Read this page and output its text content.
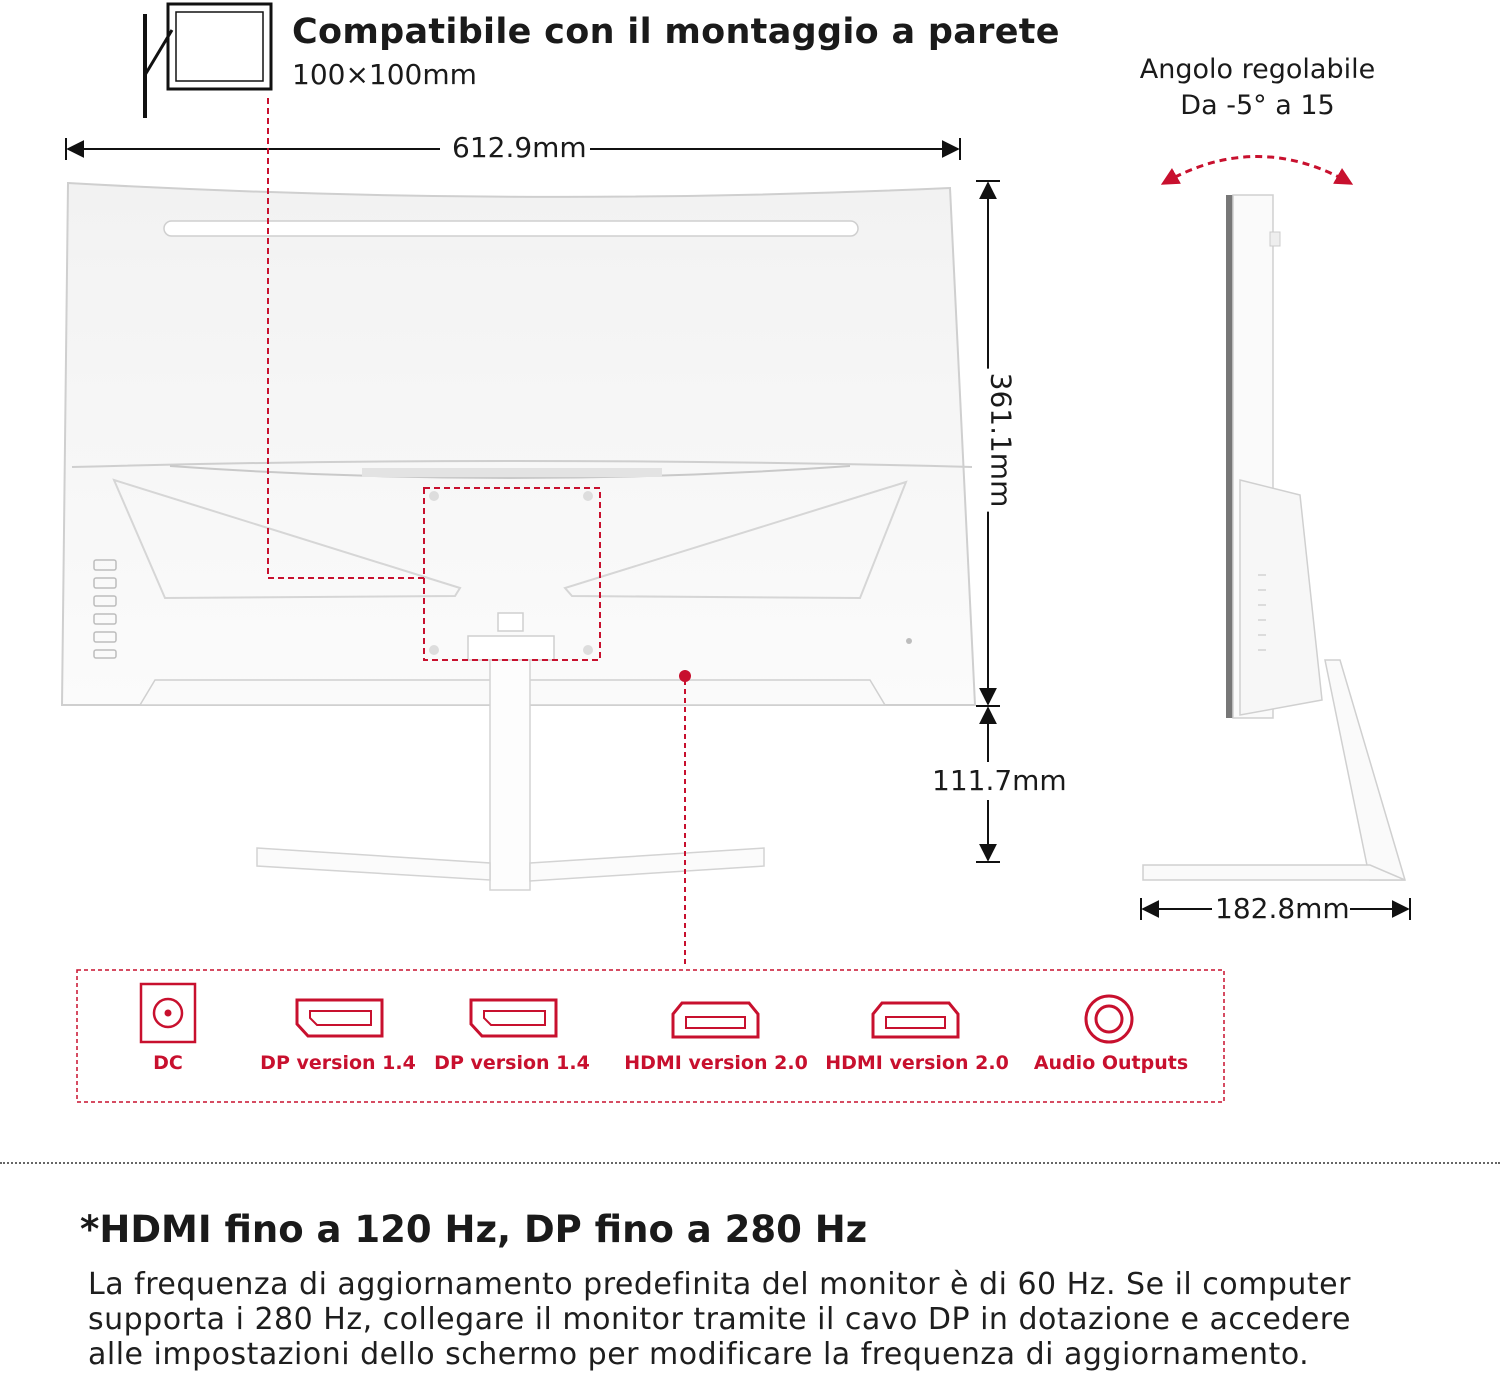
Compatibile con il montaggio a parete
100×100mm
612.9mm
361.1mm
111.7mm
182.8mm
Angolo regolabile
Da -5° a 15
DC	DP version 1.4 DP version 1.4 HDMI version 2.0 HDMI version 2.0 Audio Outputs
*HDMI fino a 120 Hz, DP fino a 280 Hz
La frequenza di aggiornamento predefinita del monitor è di 60 Hz. Se il computer
supporta i 280 Hz, collegare il monitor tramite il cavo DP in dotazione e accedere
alle impostazioni dello schermo per modificare la frequenza di aggiornamento.
